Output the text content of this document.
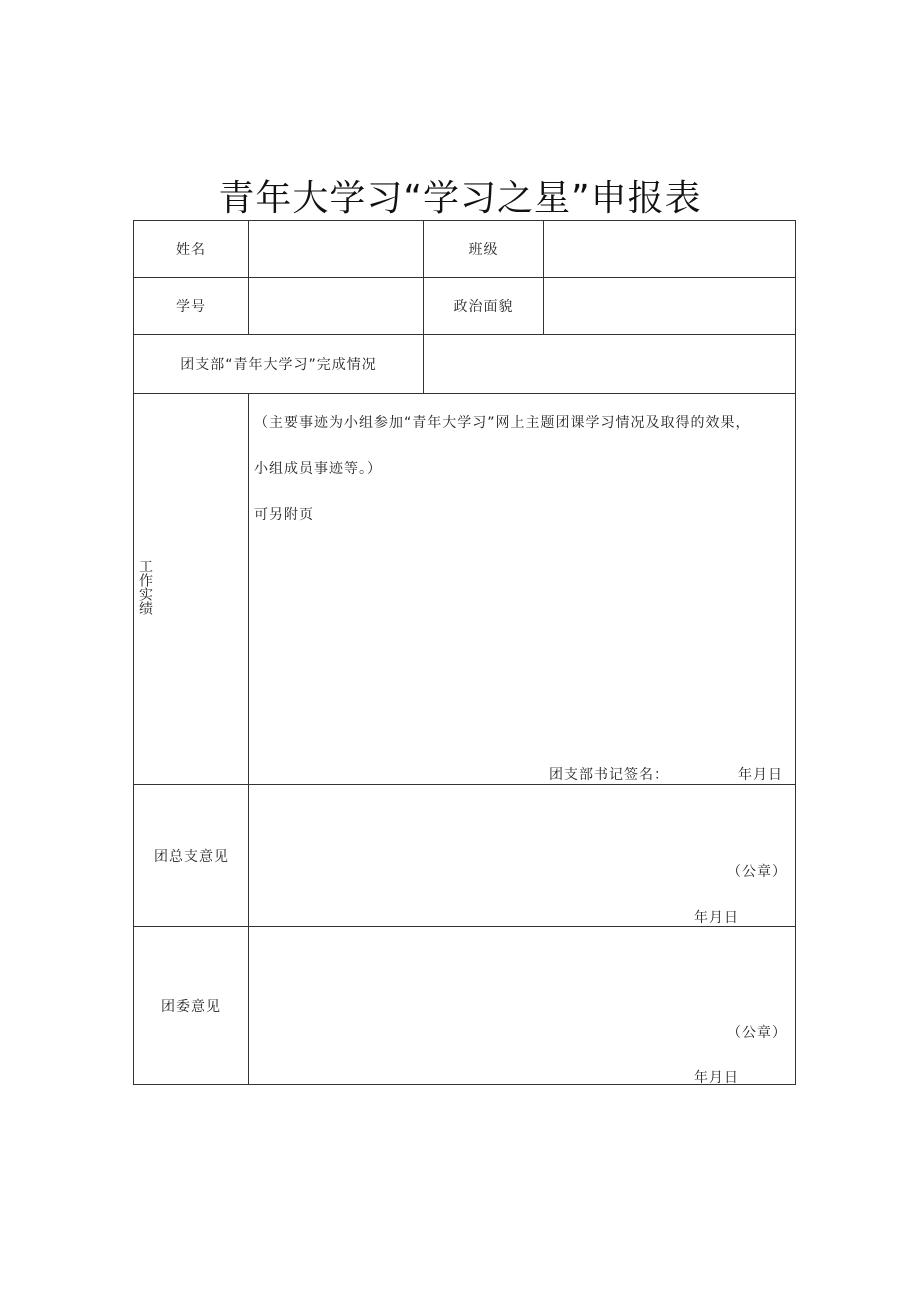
青年大学习“学习之星”申报表
姓名		班级	
学号		政治面貌	
团支部“青年大学习”完成情况			
工作实绩	（主要事迹为小组参加“青年大学习”网上主题团课学习情况及取得的效果，
小组成员事迹等。）
可另附页
团支部书记签名： 年月日		

团总支意见	（公章）
年月日		

团委意见	（公章）
年月日		
